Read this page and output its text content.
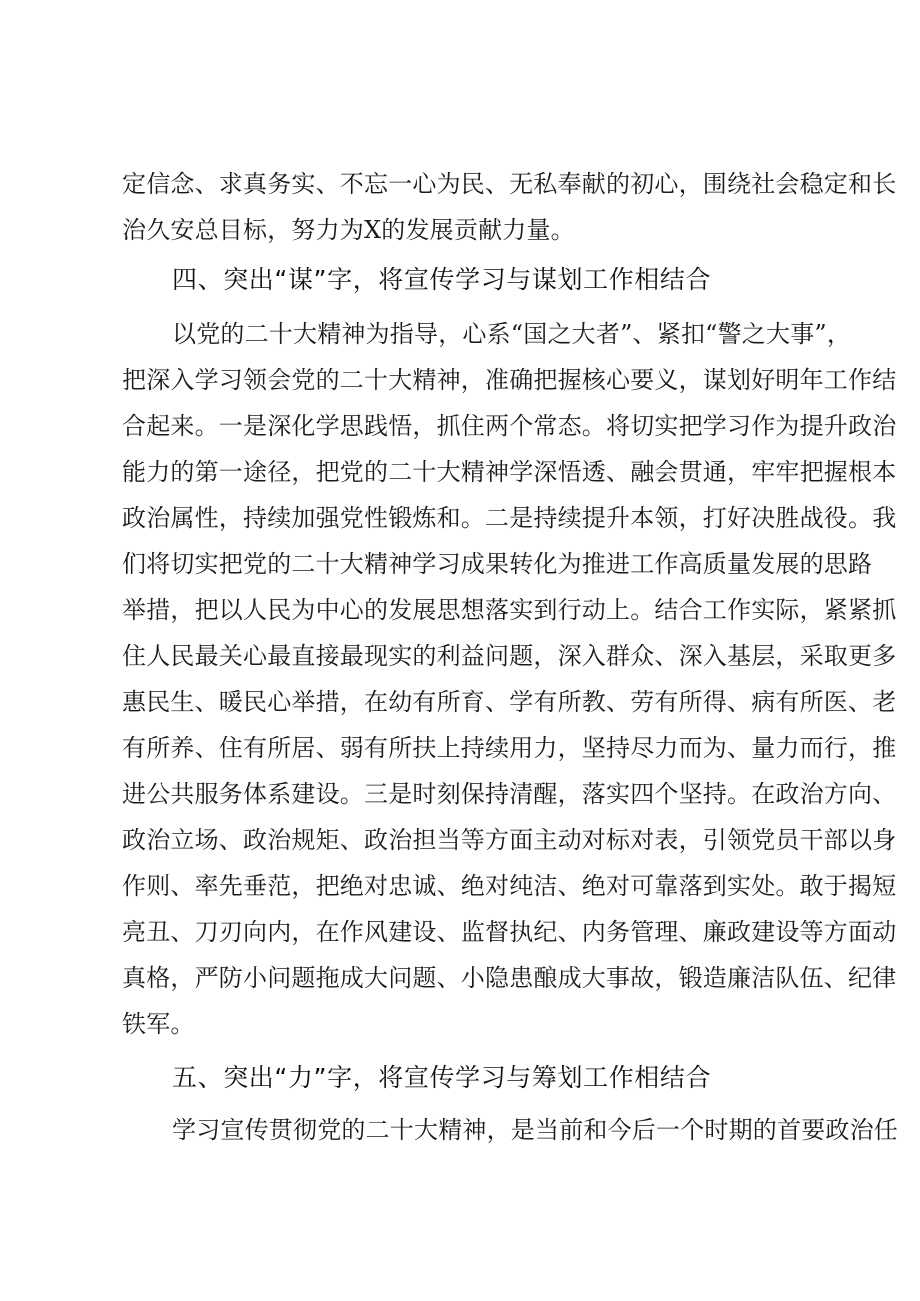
定信念、求真务实、不忘一心为民、无私奉献的初心，围绕社会稳定和长
治久安总目标，努力为X的发展贡献力量。
四、突出“谋”字，将宣传学习与谋划工作相结合
以党的二十大精神为指导，心系“国之大者”、紧扣“警之大事”，
把深入学习领会党的二十大精神，准确把握核心要义，谋划好明年工作结
合起来。一是深化学思践悟，抓住两个常态。将切实把学习作为提升政治
能力的第一途径，把党的二十大精神学深悟透、融会贯通，牢牢把握根本
政治属性，持续加强党性锻炼和。二是持续提升本领，打好决胜战役。我
们将切实把党的二十大精神学习成果转化为推进工作高质量发展的思路
举措，把以人民为中心的发展思想落实到行动上。结合工作实际，紧紧抓
住人民最关心最直接最现实的利益问题，深入群众、深入基层，采取更多
惠民生、暖民心举措，在幼有所育、学有所教、劳有所得、病有所医、老
有所养、住有所居、弱有所扶上持续用力，坚持尽力而为、量力而行，推
进公共服务体系建设。三是时刻保持清醒，落实四个坚持。在政治方向、
政治立场、政治规矩、政治担当等方面主动对标对表，引领党员干部以身
作则、率先垂范，把绝对忠诚、绝对纯洁、绝对可靠落到实处。敢于揭短
亮丑、刀刃向内，在作风建设、监督执纪、内务管理、廉政建设等方面动
真格，严防小问题拖成大问题、小隐患酿成大事故，锻造廉洁队伍、纪律
铁军。
五、突出“力”字，将宣传学习与筹划工作相结合
学习宣传贯彻党的二十大精神，是当前和今后一个时期的首要政治任
